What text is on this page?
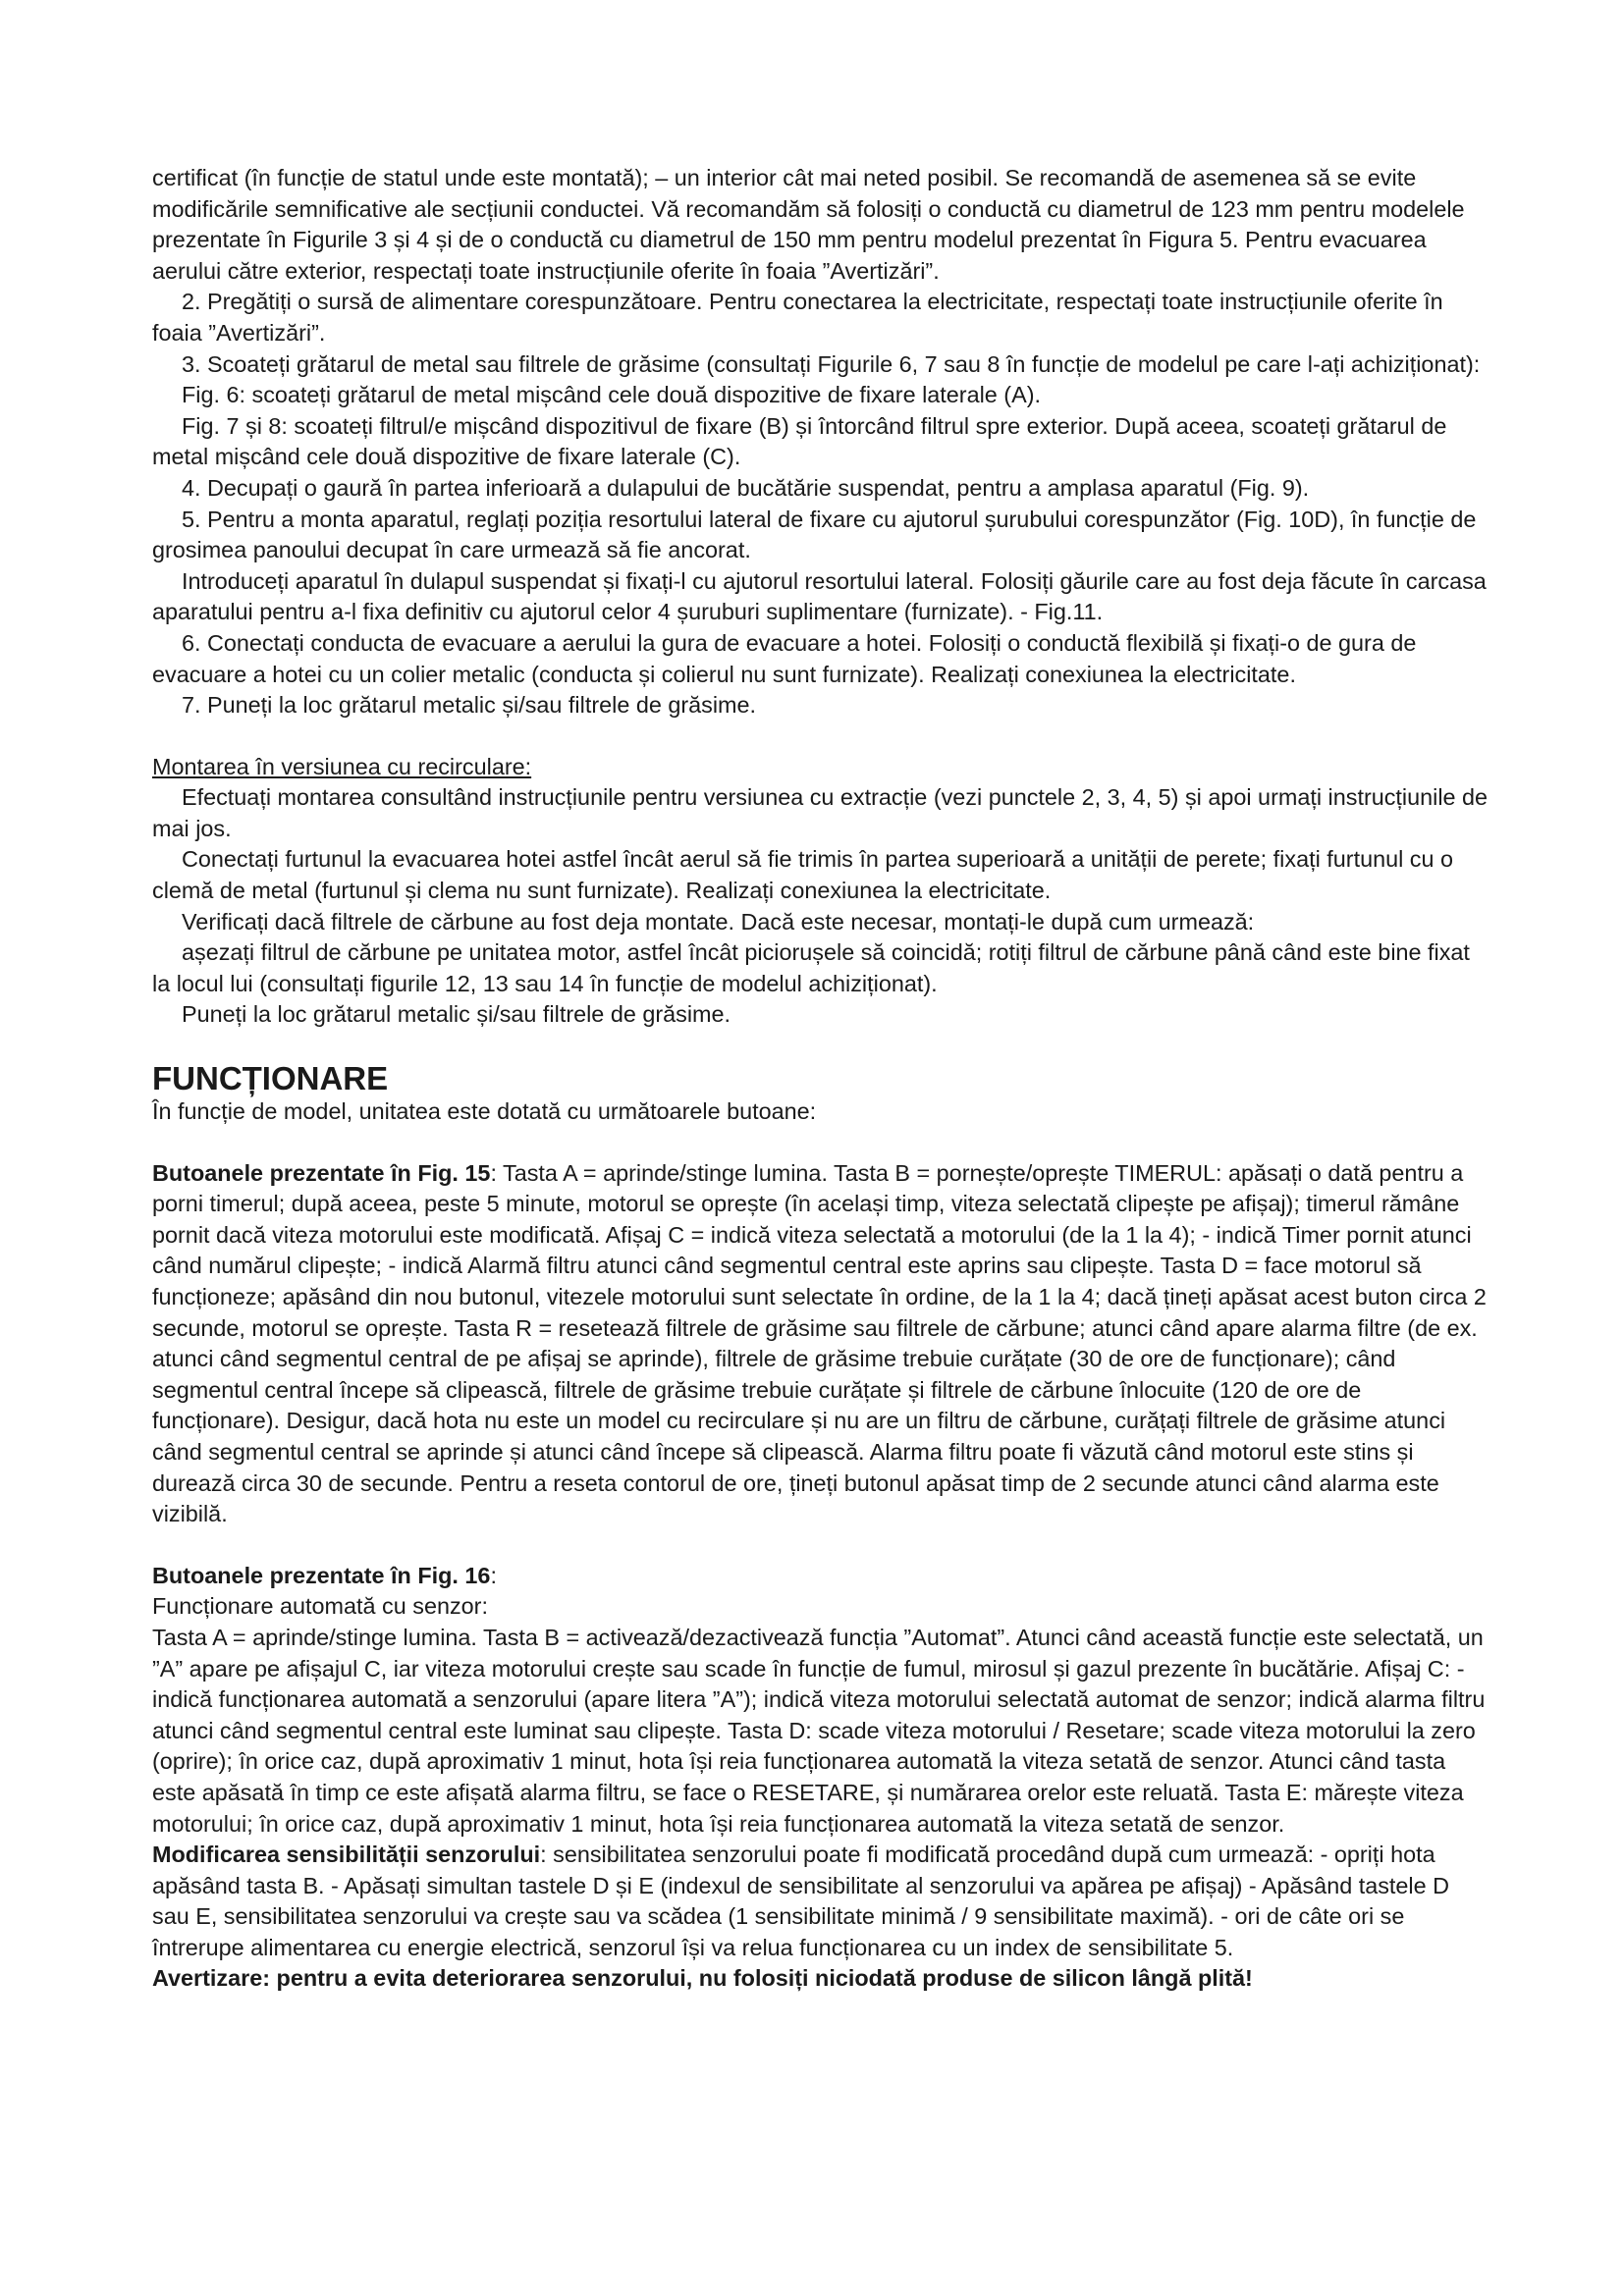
certificat (în funcție de statul unde este montată); – un interior cât mai neted posibil. Se recomandă de asemenea să se evite modificările semnificative ale secțiunii conductei. Vă recomandăm să folosiți o conductă cu diametrul de 123 mm pentru modelele prezentate în Figurile 3 și 4 și de o conductă cu diametrul de 150 mm pentru modelul prezentat în Figura 5. Pentru evacuarea aerului către exterior, respectați toate instrucțiunile oferite în foaia ”Avertizări”.

2. Pregătiți o sursă de alimentare corespunzătoare. Pentru conectarea la electricitate, respectați toate instrucțiunile oferite în foaia ”Avertizări”.

3. Scoateți grătarul de metal sau filtrele de grăsime (consultați Figurile 6, 7 sau 8 în funcție de modelul pe care l-ați achiziționat):

Fig. 6: scoateți grătarul de metal mișcând cele două dispozitive de fixare laterale (A).

Fig. 7 și 8: scoateți filtrul/e mișcând dispozitivul de fixare (B) și întorcând filtrul spre exterior. După aceea, scoateți grătarul de metal mișcând cele două dispozitive de fixare laterale (C).

4. Decupați o gaură în partea inferioară a dulapului de bucătărie suspendat, pentru a amplasa aparatul (Fig. 9).

5. Pentru a monta aparatul, reglați poziția resortului lateral de fixare cu ajutorul șurubului corespunzător (Fig. 10D), în funcție de grosimea panoului decupat în care urmează să fie ancorat.

Introduceți aparatul în dulapul suspendat și fixați-l cu ajutorul resortului lateral. Folosiți găurile care au fost deja făcute în carcasa aparatului pentru a-l fixa definitiv cu ajutorul celor 4 șuruburi suplimentare (furnizate). - Fig.11.

6. Conectați conducta de evacuare a aerului la gura de evacuare a hotei. Folosiți o conductă flexibilă și fixați-o de gura de evacuare a hotei cu un colier metalic (conducta și colierul nu sunt furnizate). Realizați conexiunea la electricitate.

7. Puneți la loc grătarul metalic și/sau filtrele de grăsime.

Montarea în versiunea cu recirculare:

Efectuați montarea consultând instrucțiunile pentru versiunea cu extracție (vezi punctele 2, 3, 4, 5) și apoi urmați instrucțiunile de mai jos.

Conectați furtunul la evacuarea hotei astfel încât aerul să fie trimis în partea superioară a unității de perete; fixați furtunul cu o clemă de metal (furtunul și clema nu sunt furnizate). Realizați conexiunea la electricitate.

Verificați dacă filtrele de cărbune au fost deja montate. Dacă este necesar, montați-le după cum urmează:

așezați filtrul de cărbune pe unitatea motor, astfel încât piciorușele să coincidă; rotiți filtrul de cărbune până când este bine fixat la locul lui (consultați figurile 12, 13 sau 14 în funcție de modelul achiziționat).

Puneți la loc grătarul metalic și/sau filtrele de grăsime.

FUNCȚIONARE

În funcție de model, unitatea este dotată cu următoarele butoane:

Butoanele prezentate în Fig. 15: Tasta A = aprinde/stinge lumina. Tasta B = pornește/oprește TIMERUL: apăsați o dată pentru a porni timerul; după aceea, peste 5 minute, motorul se oprește (în același timp, viteza selectată clipește pe afișaj); timerul rămâne pornit dacă viteza motorului este modificată. Afișaj C = indică viteza selectată a motorului (de la 1 la 4); - indică Timer pornit atunci când numărul clipește; - indică Alarmă filtru atunci când segmentul central este aprins sau clipește. Tasta D = face motorul să funcționeze; apăsând din nou butonul, vitezele motorului sunt selectate în ordine, de la 1 la 4; dacă țineți apăsat acest buton circa 2 secunde, motorul se oprește. Tasta R = resetează filtrele de grăsime sau filtrele de cărbune; atunci când apare alarma filtre (de ex. atunci când segmentul central de pe afișaj se aprinde), filtrele de grăsime trebuie curățate (30 de ore de funcționare); când segmentul central începe să clipească, filtrele de grăsime trebuie curățate și filtrele de cărbune înlocuite (120 de ore de funcționare). Desigur, dacă hota nu este un model cu recirculare și nu are un filtru de cărbune, curățați filtrele de grăsime atunci când segmentul central se aprinde și atunci când începe să clipească. Alarma filtru poate fi văzută când motorul este stins și durează circa 30 de secunde. Pentru a reseta contorul de ore, țineți butonul apăsat timp de 2 secunde atunci când alarma este vizibilă.

Butoanele prezentate în Fig. 16:

Funcționare automată cu senzor:

Tasta A = aprinde/stinge lumina. Tasta B = activează/dezactivează funcția ”Automat”. Atunci când această funcție este selectată, un ”A” apare pe afișajul C, iar viteza motorului crește sau scade în funcție de fumul, mirosul și gazul prezente în bucătărie. Afișaj C: - indică funcționarea automată a senzorului (apare litera ”A”); indică viteza motorului selectată automat de senzor; indică alarma filtru atunci când segmentul central este luminat sau clipește. Tasta D: scade viteza motorului / Resetare; scade viteza motorului la zero (oprire); în orice caz, după aproximativ 1 minut, hota își reia funcționarea automată la viteza setată de senzor. Atunci când tasta este apăsată în timp ce este afișată alarma filtru, se face o RESETARE, și numărarea orelor este reluată. Tasta E: mărește viteza motorului; în orice caz, după aproximativ 1 minut, hota își reia funcționarea automată la viteza setată de senzor.

Modificarea sensibilității senzorului: sensibilitatea senzorului poate fi modificată procedând după cum urmează: - opriți hota apăsând tasta B. - Apăsați simultan tastele D și E (indexul de sensibilitate al senzorului va apărea pe afișaj) - Apăsând tastele D sau E, sensibilitatea senzorului va crește sau va scădea (1 sensibilitate minimă / 9 sensibilitate maximă). - ori de câte ori se întrerupe alimentarea cu energie electrică, senzorul își va relua funcționarea cu un index de sensibilitate 5.

Avertizare: pentru a evita deteriorarea senzorului, nu folosiți niciodată produse de silicon lângă plită!
